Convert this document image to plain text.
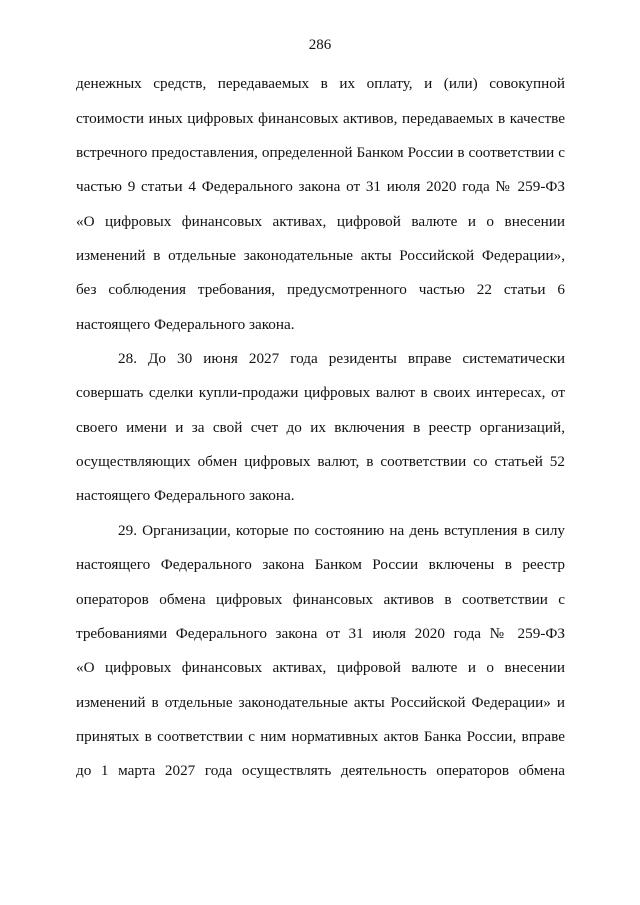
286
денежных средств, передаваемых в их оплату, и (или) совокупной
стоимости иных цифровых финансовых активов, передаваемых в качестве
встречного предоставления, определенной Банком России в соответствии с
частью 9 статьи 4 Федерального закона от 31 июля 2020 года № 259-ФЗ
«О цифровых финансовых активах, цифровой валюте и о внесении
изменений в отдельные законодательные акты Российской Федерации»,
без соблюдения требования, предусмотренного частью 22 статьи 6
настоящего Федерального закона.
28. До 30 июня 2027 года резиденты вправе систематически
совершать сделки купли-продажи цифровых валют в своих интересах, от
своего имени и за свой счет до их включения в реестр организаций,
осуществляющих обмен цифровых валют, в соответствии со статьей 52
настоящего Федерального закона.
29. Организации, которые по состоянию на день вступления в силу
настоящего Федерального закона Банком России включены в реестр
операторов обмена цифровых финансовых активов в соответствии с
требованиями Федерального закона от 31 июля 2020 года № 259-ФЗ
«О цифровых финансовых активах, цифровой валюте и о внесении
изменений в отдельные законодательные акты Российской Федерации» и
принятых в соответствии с ним нормативных актов Банка России, вправе
до 1 марта 2027 года осуществлять деятельность операторов обмена
